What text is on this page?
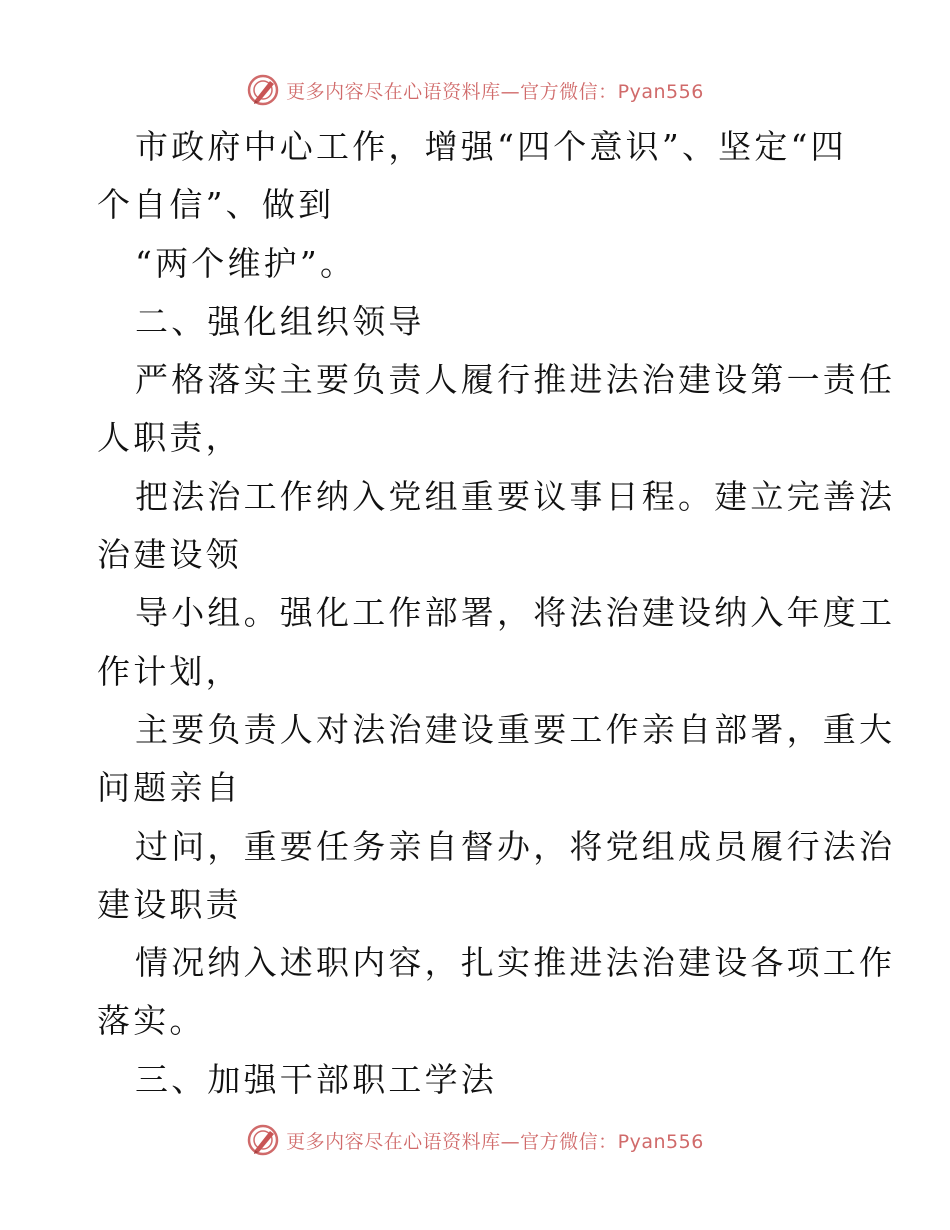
更多内容尽在心语资料库—官方微信：Pyan556
市政府中心工作，增强“四个意识”、坚定“四
个自信”、做到
“两个维护”。
二、强化组织领导
严格落实主要负责人履行推进法治建设第一责任
人职责，
把法治工作纳入党组重要议事日程。建立完善法
治建设领
导小组。强化工作部署，将法治建设纳入年度工
作计划，
主要负责人对法治建设重要工作亲自部署，重大
问题亲自
过问，重要任务亲自督办，将党组成员履行法治
建设职责
情况纳入述职内容，扎实推进法治建设各项工作
落实。
三、加强干部职工学法
更多内容尽在心语资料库—官方微信：Pyan556
